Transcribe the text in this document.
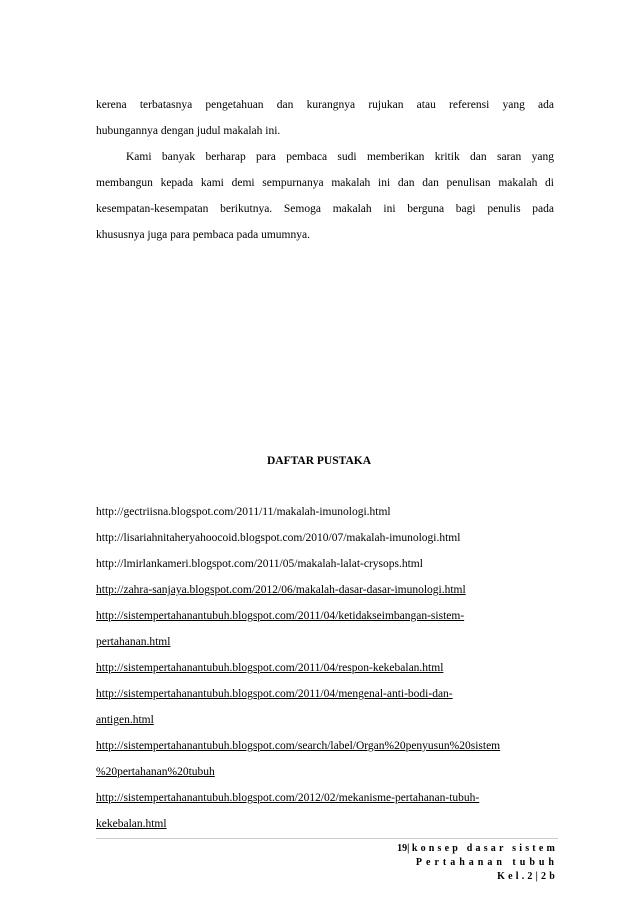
kerena terbatasnya pengetahuan dan kurangnya rujukan atau referensi yang ada
hubungannya dengan judul makalah ini.
Kami banyak berharap para pembaca sudi memberikan kritik dan saran yang
membangun kepada kami demi sempurnanya makalah ini dan dan penulisan makalah di
kesempatan-kesempatan berikutnya. Semoga makalah ini berguna bagi penulis pada
khususnya juga para pembaca pada umumnya.
DAFTAR PUSTAKA
http://gectriisna.blogspot.com/2011/11/makalah-imunologi.html
http://lisariahnitaheryahoocoid.blogspot.com/2010/07/makalah-imunologi.html
http://lmirlankameri.blogspot.com/2011/05/makalah-lalat-crysops.html
http://zahra-sanjaya.blogspot.com/2012/06/makalah-dasar-dasar-imunologi.html
http://sistempertahanantubuh.blogspot.com/2011/04/ketidakseimbangan-sistem-
pertahanan.html
http://sistempertahanantubuh.blogspot.com/2011/04/respon-kekebalan.html
http://sistempertahanantubuh.blogspot.com/2011/04/mengenal-anti-bodi-dan-
antigen.html
http://sistempertahanantubuh.blogspot.com/search/label/Organ%20penyusun%20sistem
%20pertahanan%20tubuh
http://sistempertahanantubuh.blogspot.com/2012/02/mekanisme-pertahanan-tubuh-
kekebalan.html
19| konsep dasar sistem
Pertahanan tubuh
Kel.2|2b
